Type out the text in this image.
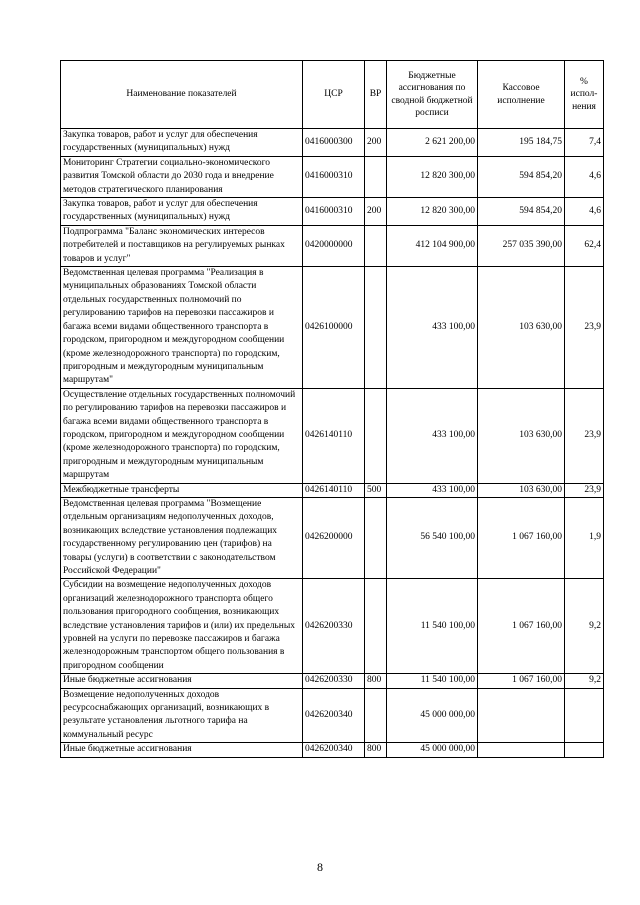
Наименование показателей	ЦСР	ВР	Бюджетные ассигнования по сводной бюджетной росписи	Кассовое исполнение	% испол-нения
Закупка товаров, работ и услуг для обеспечения государственных (муниципальных) нужд	0416000300	200	2 621 200,00	195 184,75	7,4
Мониторинг Стратегии социально-экономического развития Томской области до 2030 года и внедрение методов стратегического планирования	0416000310		12 820 300,00	594 854,20	4,6
Закупка товаров, работ и услуг для обеспечения государственных (муниципальных) нужд	0416000310	200	12 820 300,00	594 854,20	4,6
Подпрограмма "Баланс экономических интересов потребителей и поставщиков на регулируемых рынках товаров и услуг"	0420000000		412 104 900,00	257 035 390,00	62,4
Ведомственная целевая программа "Реализация в муниципальных образованиях Томской области отдельных государственных полномочий по регулированию тарифов на перевозки пассажиров и багажа всеми видами общественного транспорта в городском, пригородном и междугородном сообщении (кроме железнодорожного транспорта) по городским, пригородным и междугородным муниципальным маршрутам"	0426100000		433 100,00	103 630,00	23,9
Осуществление отдельных государственных полномочий по регулированию тарифов на перевозки пассажиров и багажа всеми видами общественного транспорта в городском, пригородном и междугородном сообщении (кроме железнодорожного транспорта) по городским, пригородным и междугородным муниципальным маршрутам	0426140110		433 100,00	103 630,00	23,9
Межбюджетные трансферты	0426140110	500	433 100,00	103 630,00	23,9
Ведомственная целевая программа "Возмещение отдельным организациям недополученных доходов, возникающих вследствие установления подлежащих государственному регулированию цен (тарифов) на товары (услуги) в соответствии с законодательством Российской Федерации"	0426200000		56 540 100,00	1 067 160,00	1,9
Субсидии на возмещение недополученных доходов организаций железнодорожного транспорта общего пользования пригородного сообщения, возникающих вследствие установления тарифов и (или) их предельных уровней на услуги по перевозке пассажиров и багажа железнодорожным транспортом общего пользования в пригородном сообщении	0426200330		11 540 100,00	1 067 160,00	9,2
Иные бюджетные ассигнования	0426200330	800	11 540 100,00	1 067 160,00	9,2
Возмещение недополученных доходов ресурсоснабжающих организаций, возникающих в результате установления льготного тарифа на коммунальный ресурс	0426200340		45 000 000,00		
Иные бюджетные ассигнования	0426200340	800	45 000 000,00		
8
